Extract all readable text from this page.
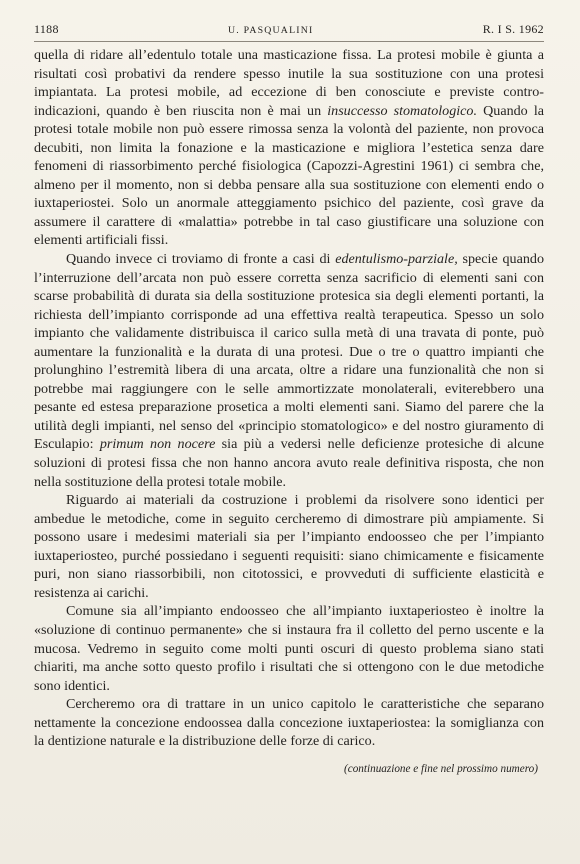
1188	U. PASQUALINI	R. I S. 1962

quella di ridare all’edentulo totale una masticazione fissa. La protesi mobile è giunta a risultati così probativi da rendere spesso inutile la sua sostituzione con una protesi impiantata. La protesi mobile, ad eccezione di ben conosciute e previste contro-indicazioni, quando è ben riuscita non è mai un insuccesso stomatologico. Quando la protesi totale mobile non può essere rimossa senza la volontà del paziente, non provoca decubiti, non limita la fonazione e la masticazione e migliora l’estetica senza dare fenomeni di riassorbimento perché fisiologica (Capozzi-Agrestini 1961) ci sembra che, almeno per il momento, non si debba pensare alla sua sostituzione con elementi endo o iuxtaperiostei. Solo un anormale atteggiamento psichico del paziente, così grave da assumere il carattere di «malattia» potrebbe in tal caso giustificare una soluzione con elementi artificiali fissi.

Quando invece ci troviamo di fronte a casi di edentulismo-parziale, specie quando l’interruzione dell’arcata non può essere corretta senza sacrificio di elementi sani con scarse probabilità di durata sia della sostituzione protesica sia degli elementi portanti, la richiesta dell’impianto corrisponde ad una effettiva realtà terapeutica. Spesso un solo impianto che validamente distribuisca il carico sulla metà di una travata di ponte, può aumentare la funzionalità e la durata di una protesi. Due o tre o quattro impianti che prolunghino l’estremità libera di una arcata, oltre a ridare una funzionalità che non si potrebbe mai raggiungere con le selle ammortizzate monolaterali, eviterebbero una pesante ed estesa preparazione prosetica a molti elementi sani. Siamo del parere che la utilità degli impianti, nel senso del «principio stomatologico» e del nostro giuramento di Esculapio: primum non nocere sia più a vedersi nelle deficienze protesiche di alcune soluzioni di protesi fissa che non hanno ancora avuto reale definitiva risposta, che non nella sostituzione della protesi totale mobile.

Riguardo ai materiali da costruzione i problemi da risolvere sono identici per ambedue le metodiche, come in seguito cercheremo di dimostrare più ampiamente. Si possono usare i medesimi materiali sia per l’impianto endoosseo che per l’impianto iuxtaperiosteo, purché possiedano i seguenti requisiti: siano chimicamente e fisicamente puri, non siano riassorbibili, non citotossici, e provveduti di sufficiente elasticità e resistenza ai carichi.

Comune sia all’impianto endoosseo che all’impianto iuxtaperiosteo è inoltre la «soluzione di continuo permanente» che si instaura fra il colletto del perno uscente e la mucosa. Vedremo in seguito come molti punti oscuri di questo problema siano stati chiariti, ma anche sotto questo profilo i risultati che si ottengono con le due metodiche sono identici.

Cercheremo ora di trattare in un unico capitolo le caratteristiche che separano nettamente la concezione endoossea dalla concezione iuxtaperiostea: la somiglianza con la dentizione naturale e la distribuzione delle forze di carico.

(continuazione e fine nel prossimo numero)
